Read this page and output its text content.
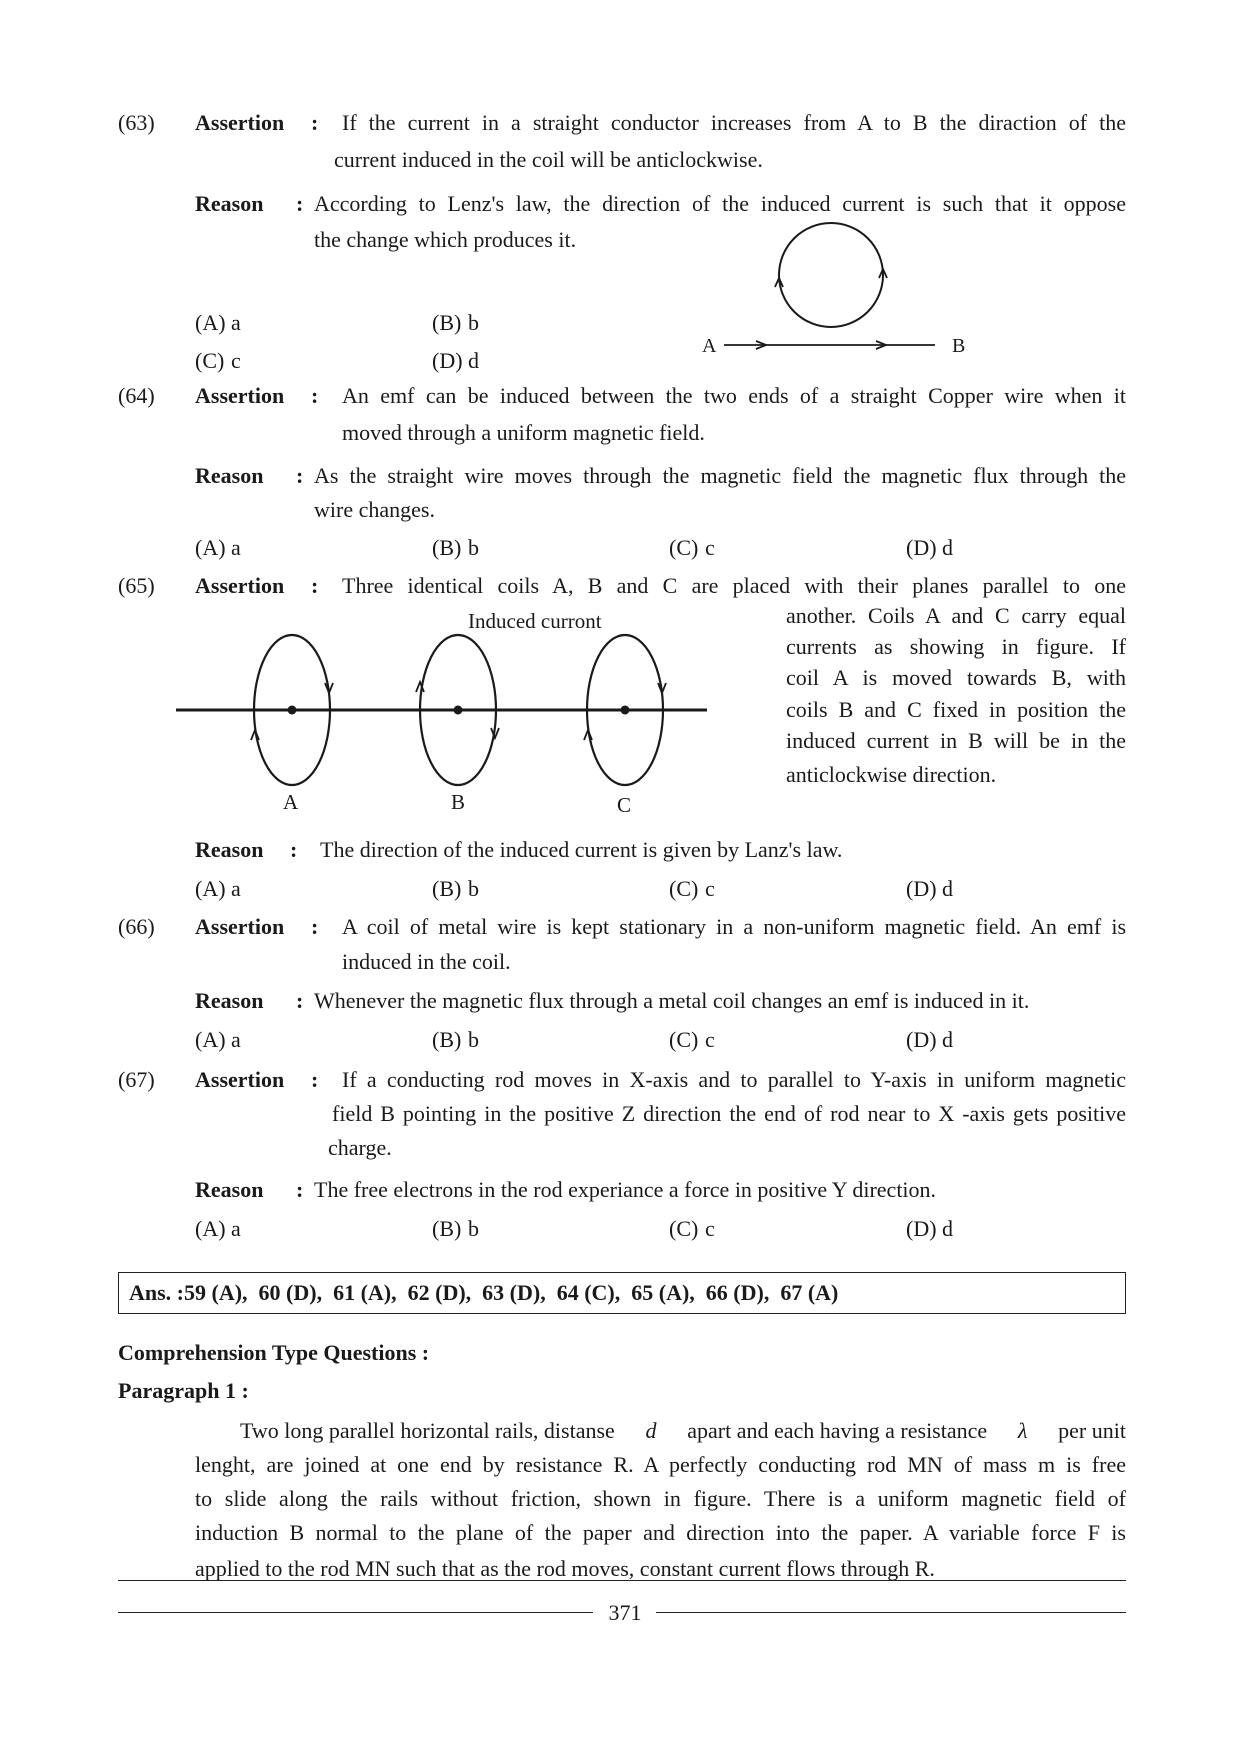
(63) Assertion : If the current in a straight conductor increases from A to B the diraction of the
current induced in the coil will be anticlockwise.
Reason : According to Lenz's law, the direction of the induced current is such that it oppose
the change which produces it.
(A) a	(B) b
(C) c	(D) d
A	B
(64) Assertion : An emf can be induced between the two ends of a straight Copper wire when it
moved through a uniform magnetic field.
Reason : As the straight wire moves through the magnetic field the magnetic flux through the
wire changes.
(A) a	(B) b	(C) c	(D) d
(65) Assertion : Three identical coils A, B and C are placed with their planes parallel to one
another. Coils A and C carry equal
currents as showing in figure. If
coil A is moved towards B, with
coils B and C fixed in position the
induced current in B will be in the
anticlockwise direction.
Induced curront
A	B	C
Reason : The direction of the induced current is given by Lanz's law.
(A) a	(B) b	(C) c	(D) d
(66) Assertion : A coil of metal wire is kept stationary in a non-uniform magnetic field. An emf is
induced in the coil.
Reason : Whenever the magnetic flux through a metal coil changes an emf is induced in it.
(A) a	(B) b	(C) c	(D) d
(67) Assertion : If a conducting rod moves in X-axis and to parallel to Y-axis in uniform magnetic
field B pointing in the positive Z direction the end of rod near to X -axis gets positive
charge.
Reason : The free electrons in the rod experiance a force in positive Y direction.
(A) a	(B) b	(C) c	(D) d
Ans. :59 (A),  60 (D),  61 (A),  62 (D),  63 (D),  64 (C),  65 (A),  66 (D),  67 (A)
Comprehension Type Questions :
Paragraph 1 :
Two long parallel horizontal rails, distanse d apart and each having a resistance λ per unit
lenght, are joined at one end by resistance R. A perfectly conducting rod MN of mass m is free
to slide along the rails without friction, shown in figure. There is a uniform magnetic field of
induction B normal to the plane of the paper and direction into the paper. A variable force F is
applied to the rod MN such that as the rod moves, constant current flows through R.
371
